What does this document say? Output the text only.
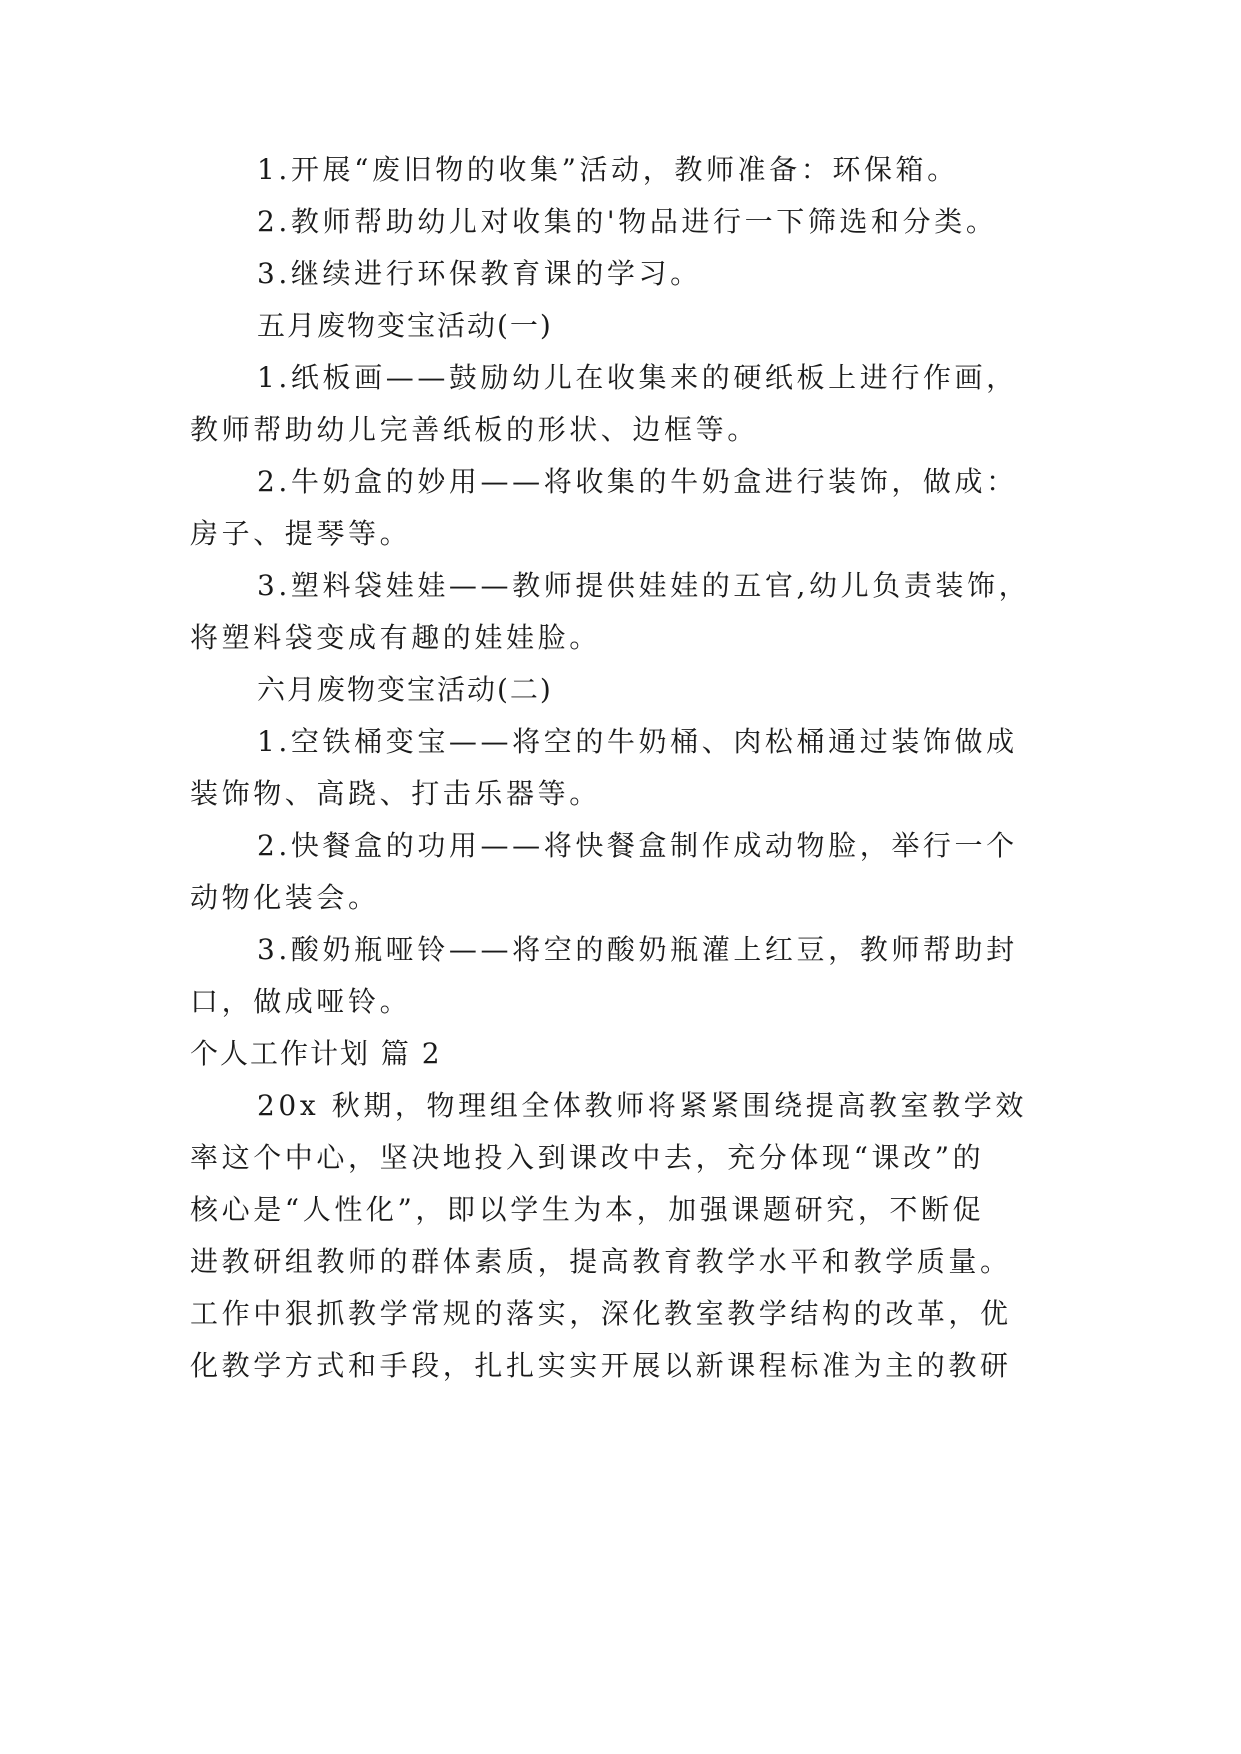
1.开展“废旧物的收集”活动，教师准备：环保箱。
2.教师帮助幼儿对收集的'物品进行一下筛选和分类。
3.继续进行环保教育课的学习。
五月废物变宝活动(一)
1.纸板画——鼓励幼儿在收集来的硬纸板上进行作画，
教师帮助幼儿完善纸板的形状、边框等。
2.牛奶盒的妙用——将收集的牛奶盒进行装饰，做成：
房子、提琴等。
3.塑料袋娃娃——教师提供娃娃的五官,幼儿负责装饰，
将塑料袋变成有趣的娃娃脸。
六月废物变宝活动(二)
1.空铁桶变宝——将空的牛奶桶、肉松桶通过装饰做成
装饰物、高跷、打击乐器等。
2.快餐盒的功用——将快餐盒制作成动物脸，举行一个
动物化装会。
3.酸奶瓶哑铃——将空的酸奶瓶灌上红豆，教师帮助封
口，做成哑铃。
个人工作计划 篇 2
20x 秋期，物理组全体教师将紧紧围绕提高教室教学效
率这个中心，坚决地投入到课改中去，充分体现“课改”的
核心是“人性化”，即以学生为本，加强课题研究，不断促
进教研组教师的群体素质，提高教育教学水平和教学质量。
工作中狠抓教学常规的落实，深化教室教学结构的改革，优
化教学方式和手段，扎扎实实开展以新课程标准为主的教研
